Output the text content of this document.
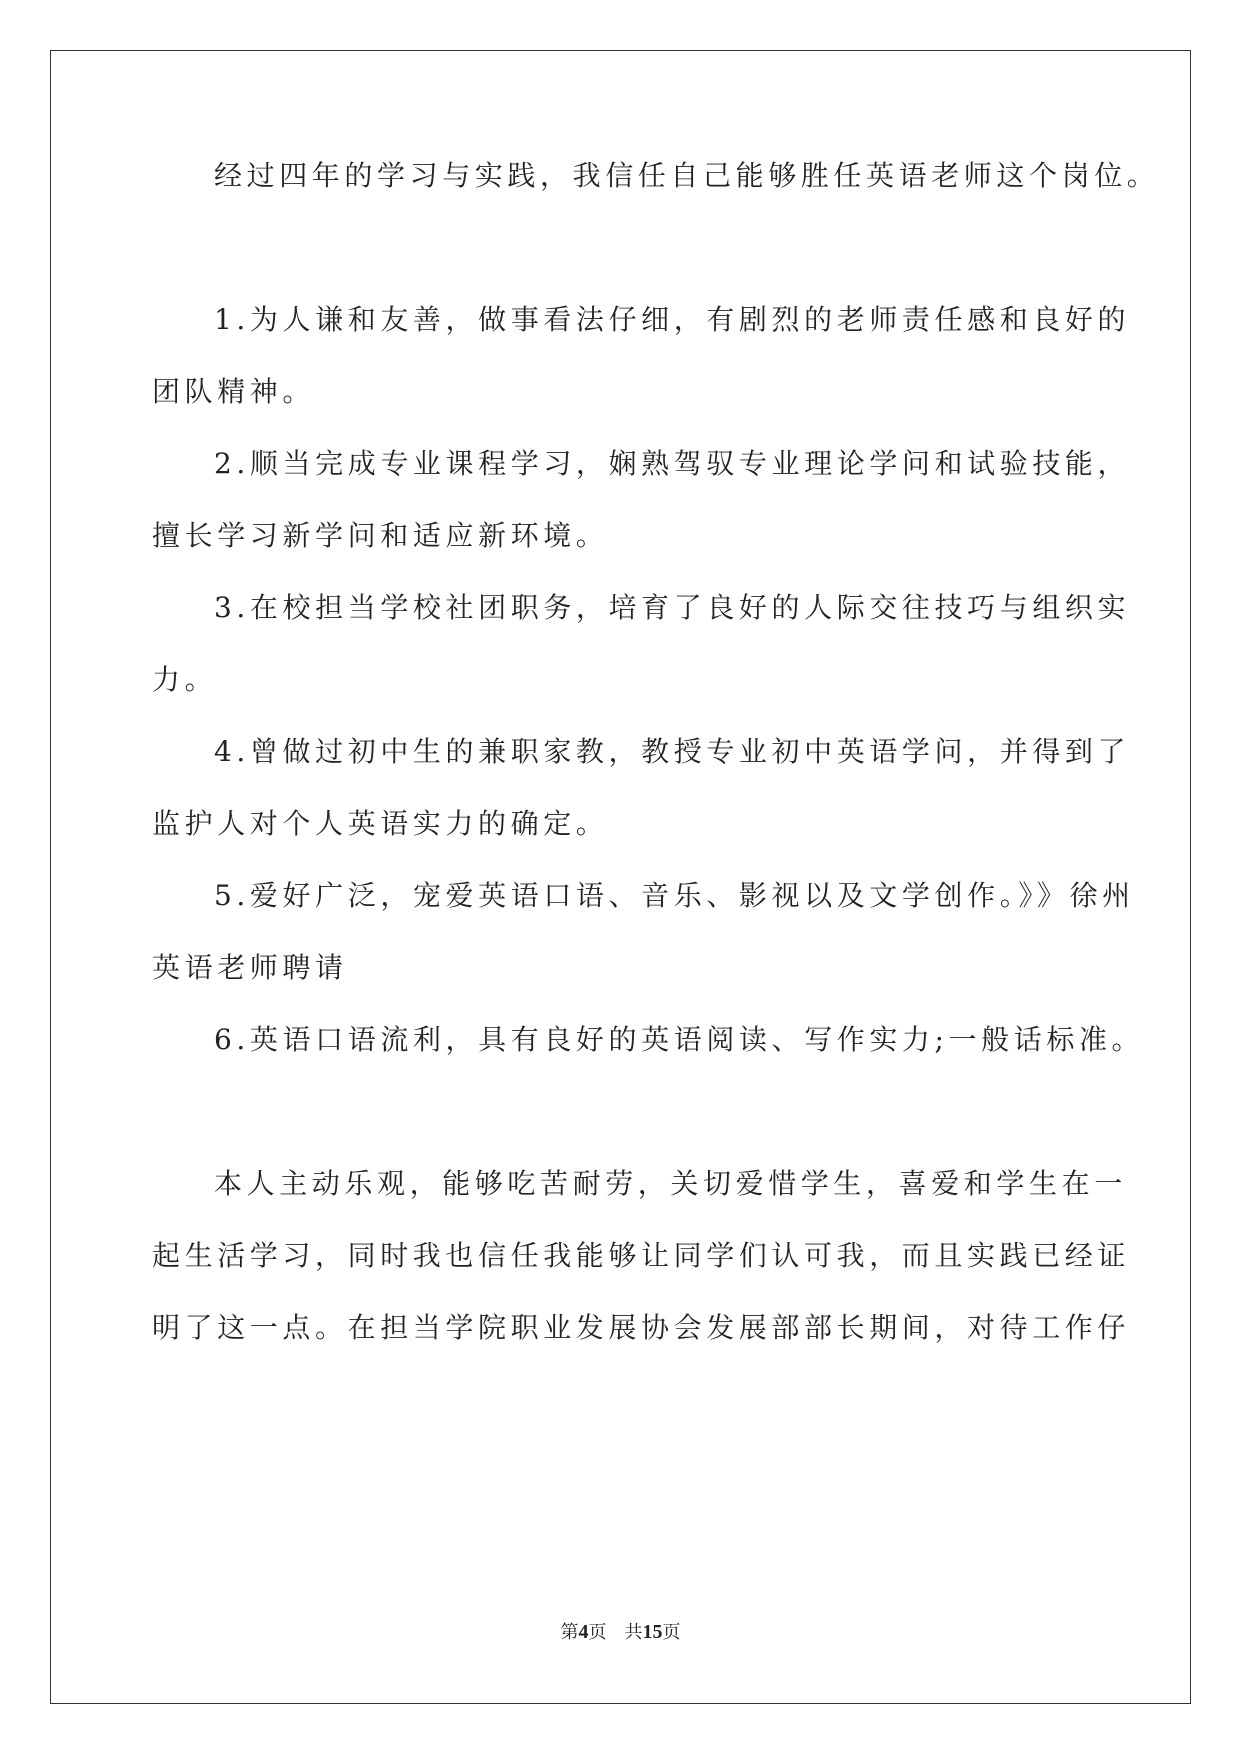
经过四年的学习与实践，我信任自己能够胜任英语老师这个岗位。
1.为人谦和友善，做事看法仔细，有剧烈的老师责任感和良好的
团队精神。
2.顺当完成专业课程学习，娴熟驾驭专业理论学问和试验技能，
擅长学习新学问和适应新环境。
3.在校担当学校社团职务，培育了良好的人际交往技巧与组织实
力。
4.曾做过初中生的兼职家教，教授专业初中英语学问，并得到了
监护人对个人英语实力的确定。
5.爱好广泛，宠爱英语口语、音乐、影视以及文学创作。》》徐州
英语老师聘请
6.英语口语流利，具有良好的英语阅读、写作实力;一般话标准。
本人主动乐观，能够吃苦耐劳，关切爱惜学生，喜爱和学生在一
起生活学习，同时我也信任我能够让同学们认可我，而且实践已经证
明了这一点。在担当学院职业发展协会发展部部长期间，对待工作仔
第4页 共15页
